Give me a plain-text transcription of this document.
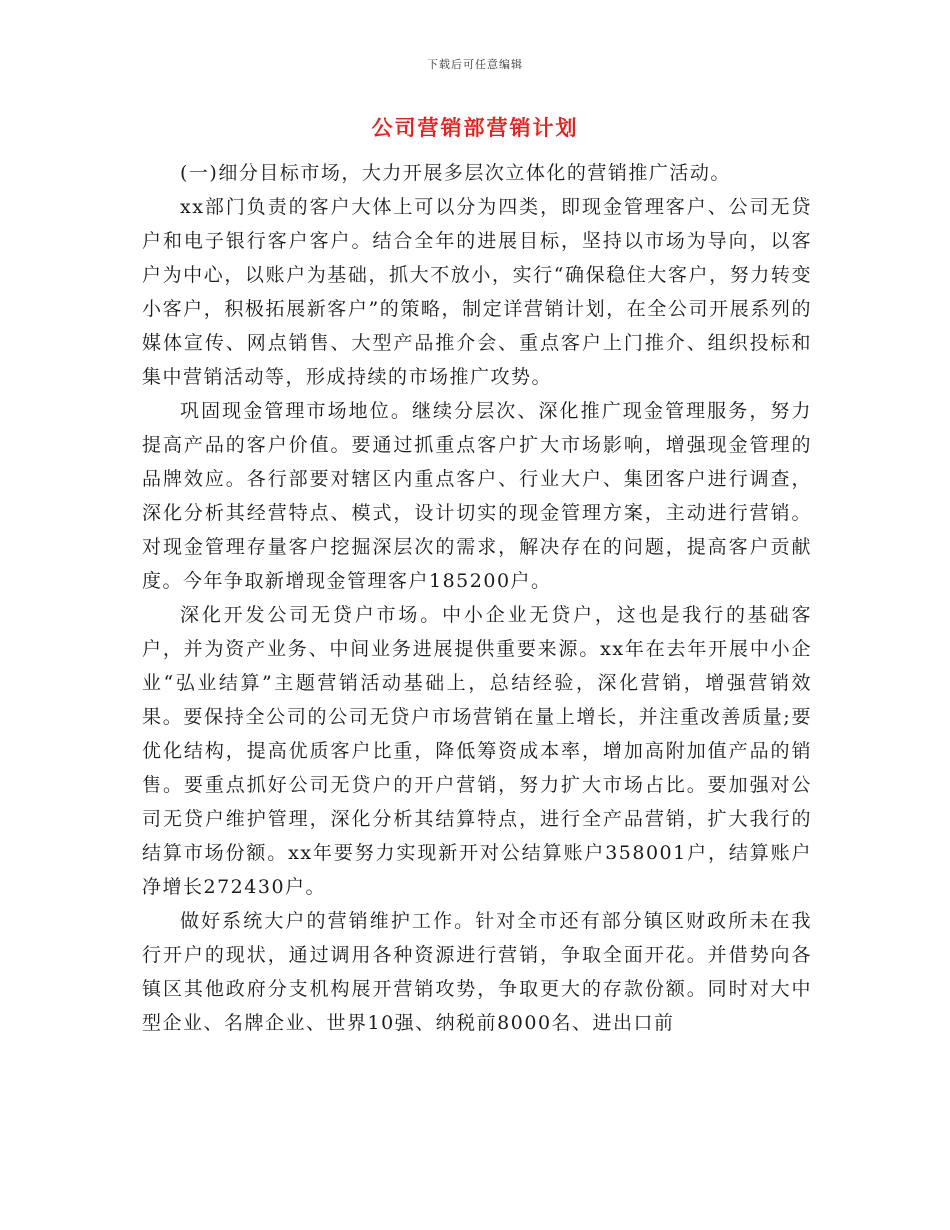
下载后可任意编辑
公司营销部营销计划

(一)细分目标市场，大力开展多层次立体化的营销推广活动。

xx部门负责的客户大体上可以分为四类，即现金管理客户、公司无贷户和电子银行客户客户。结合全年的进展目标，坚持以市场为导向，以客户为中心，以账户为基础，抓大不放小，实行“确保稳住大客户，努力转变小客户，积极拓展新客户”的策略，制定详营销计划，在全公司开展系列的媒体宣传、网点销售、大型产品推介会、重点客户上门推介、组织投标和集中营销活动等，形成持续的市场推广攻势。

巩固现金管理市场地位。继续分层次、深化推广现金管理服务，努力提高产品的客户价值。要通过抓重点客户扩大市场影响，增强现金管理的品牌效应。各行部要对辖区内重点客户、行业大户、集团客户进行调查，深化分析其经营特点、模式，设计切实的现金管理方案，主动进行营销。对现金管理存量客户挖掘深层次的需求，解决存在的问题，提高客户贡献度。今年争取新增现金管理客户185200户。

深化开发公司无贷户市场。中小企业无贷户，这也是我行的基础客户，并为资产业务、中间业务进展提供重要来源。xx年在去年开展中小企业“弘业结算”主题营销活动基础上，总结经验，深化营销，增强营销效果。要保持全公司的公司无贷户市场营销在量上增长，并注重改善质量;要优化结构，提高优质客户比重，降低筹资成本率，增加高附加值产品的销售。要重点抓好公司无贷户的开户营销，努力扩大市场占比。要加强对公司无贷户维护管理，深化分析其结算特点，进行全产品营销，扩大我行的结算市场份额。xx年要努力实现新开对公结算账户358001户，结算账户净增长272430户。

做好系统大户的营销维护工作。针对全市还有部分镇区财政所未在我行开户的现状，通过调用各种资源进行营销，争取全面开花。并借势向各镇区其他政府分支机构展开营销攻势，争取更大的存款份额。同时对大中型企业、名牌企业、世界10强、纳税前8000名、进出口前
